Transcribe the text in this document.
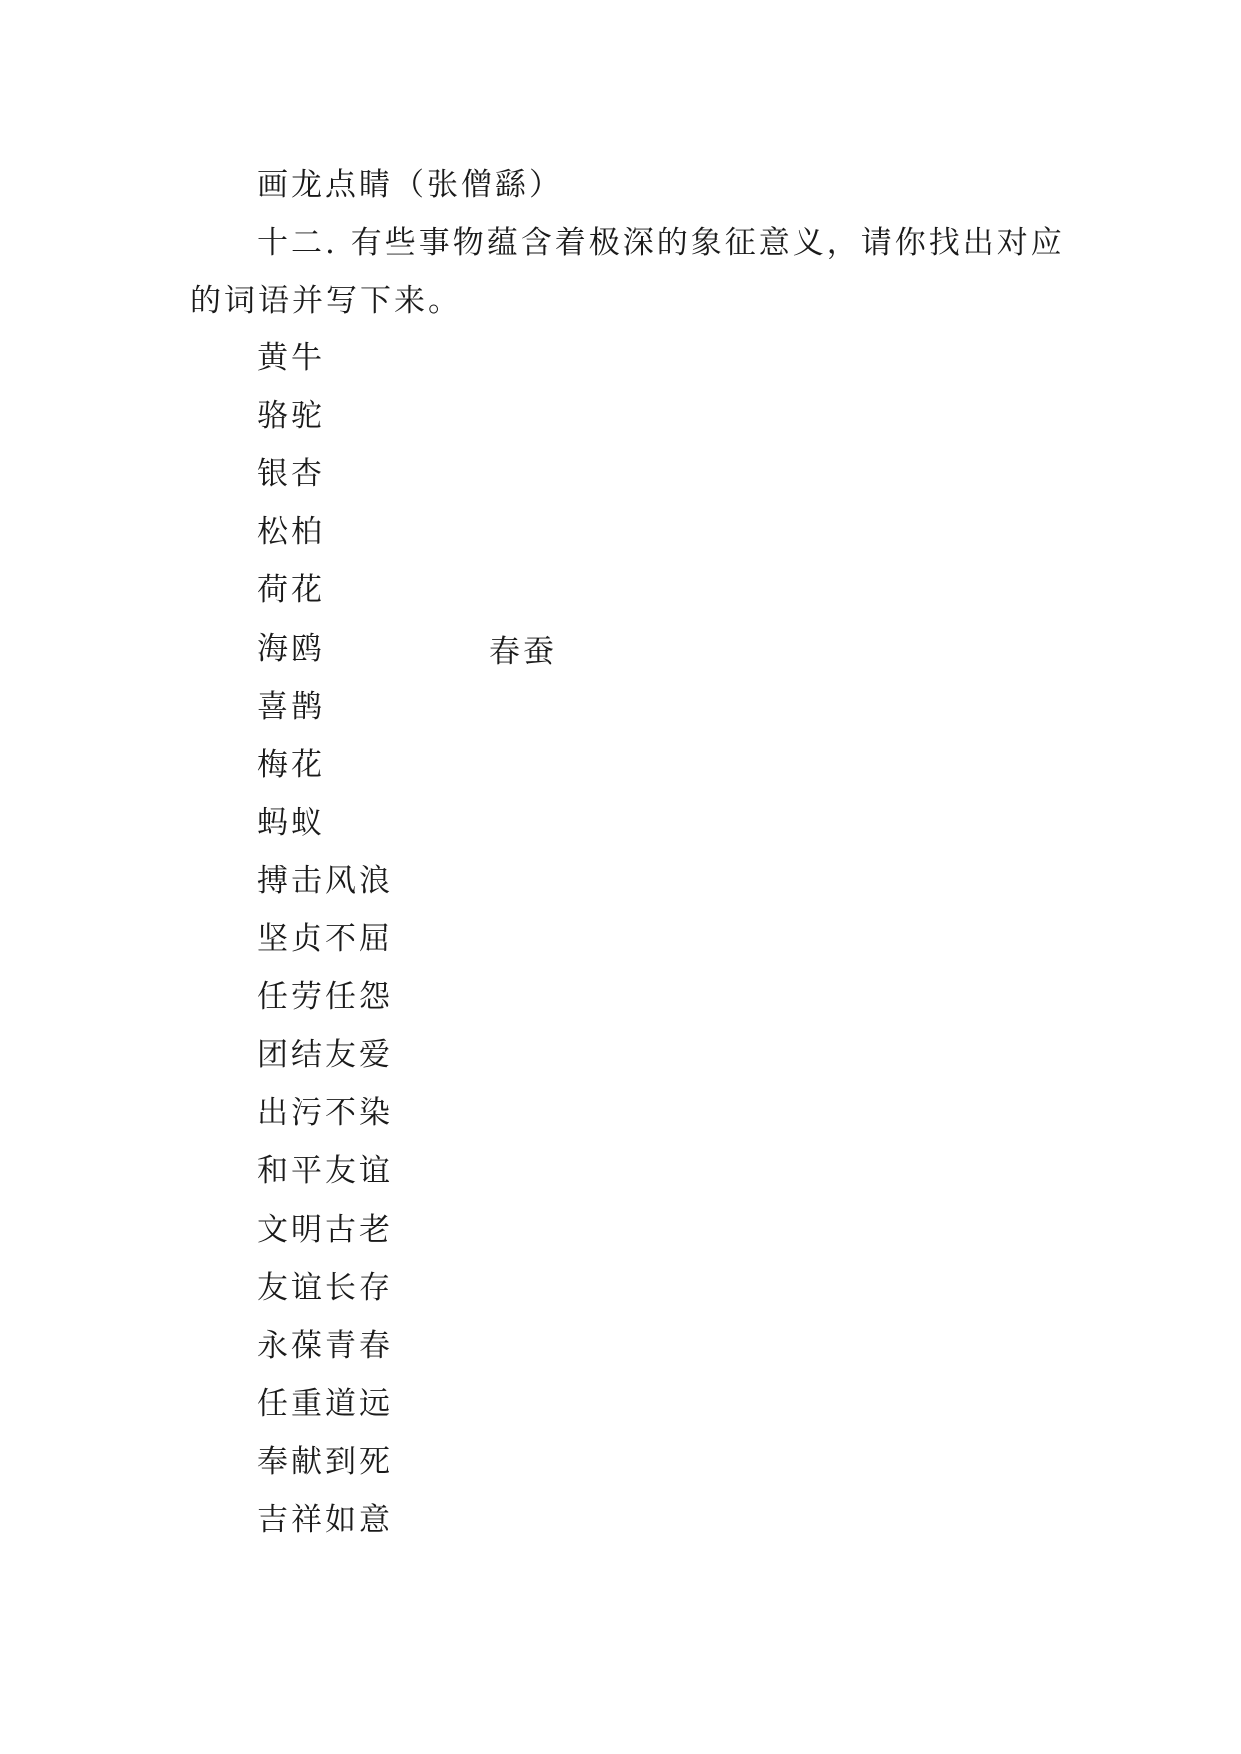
画龙点睛（张僧繇）
十二. 有些事物蕴含着极深的象征意义，请你找出对应
的词语并写下来。
黄牛
骆驼
银杏
松柏
荷花
海鸥
喜鹊
梅花
蚂蚁
搏击风浪
坚贞不屈
任劳任怨
团结友爱
出污不染
和平友谊
文明古老
友谊长存
永葆青春
任重道远
奉献到死
吉祥如意
春蚕
